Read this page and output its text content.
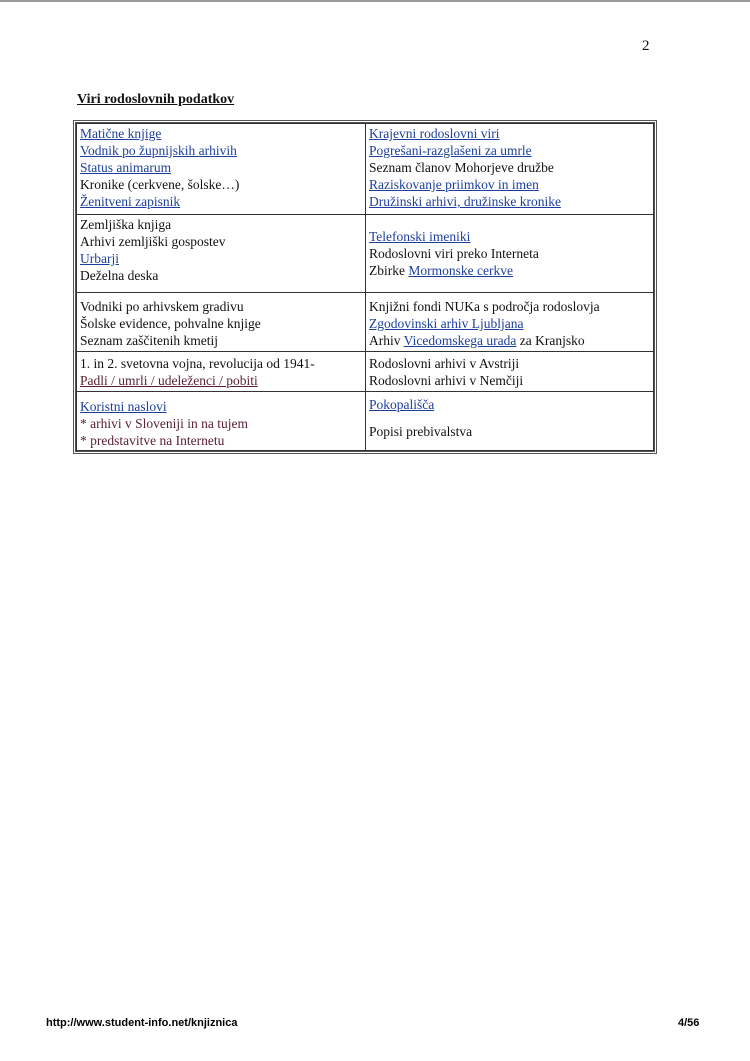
2
Viri rodoslovnih podatkov
Matične knjige
Vodnik po župnijskih arhivih
Status animarum
Kronike (cerkvene, šolske…)
Ženitveni zapisnik
Krajevni rodoslovni viri
Pogrešani-razglašeni za umrle
Seznam članov Mohorjeve družbe
Raziskovanje priimkov in imen
Družinski arhivi, družinske kronike
Zemljiška knjiga
Arhivi zemljiški gospostev
Urbarji
Deželna deska
Telefonski imeniki
Rodoslovni viri preko Interneta
Zbirke Mormonske cerkve
Vodniki po arhivskem gradivu
Šolske evidence, pohvalne knjige
Seznam zaščitenih kmetij
Knjižni fondi NUKa s področja rodoslovja
Zgodovinski arhiv Ljubljana
Arhiv Vicedomskega urada za Kranjsko
1. in 2. svetovna vojna, revolucija od 1941-
Padli / umrli / udeleženci / pobiti
Rodoslovni arhivi v Avstriji
Rodoslovni arhivi v Nemčiji
Koristni naslovi
* arhivi v Sloveniji in na tujem
* predstavitve na Internetu
Pokopališča
Popisi prebivalstva
http://www.student-info.net/knjiznica	4/56
